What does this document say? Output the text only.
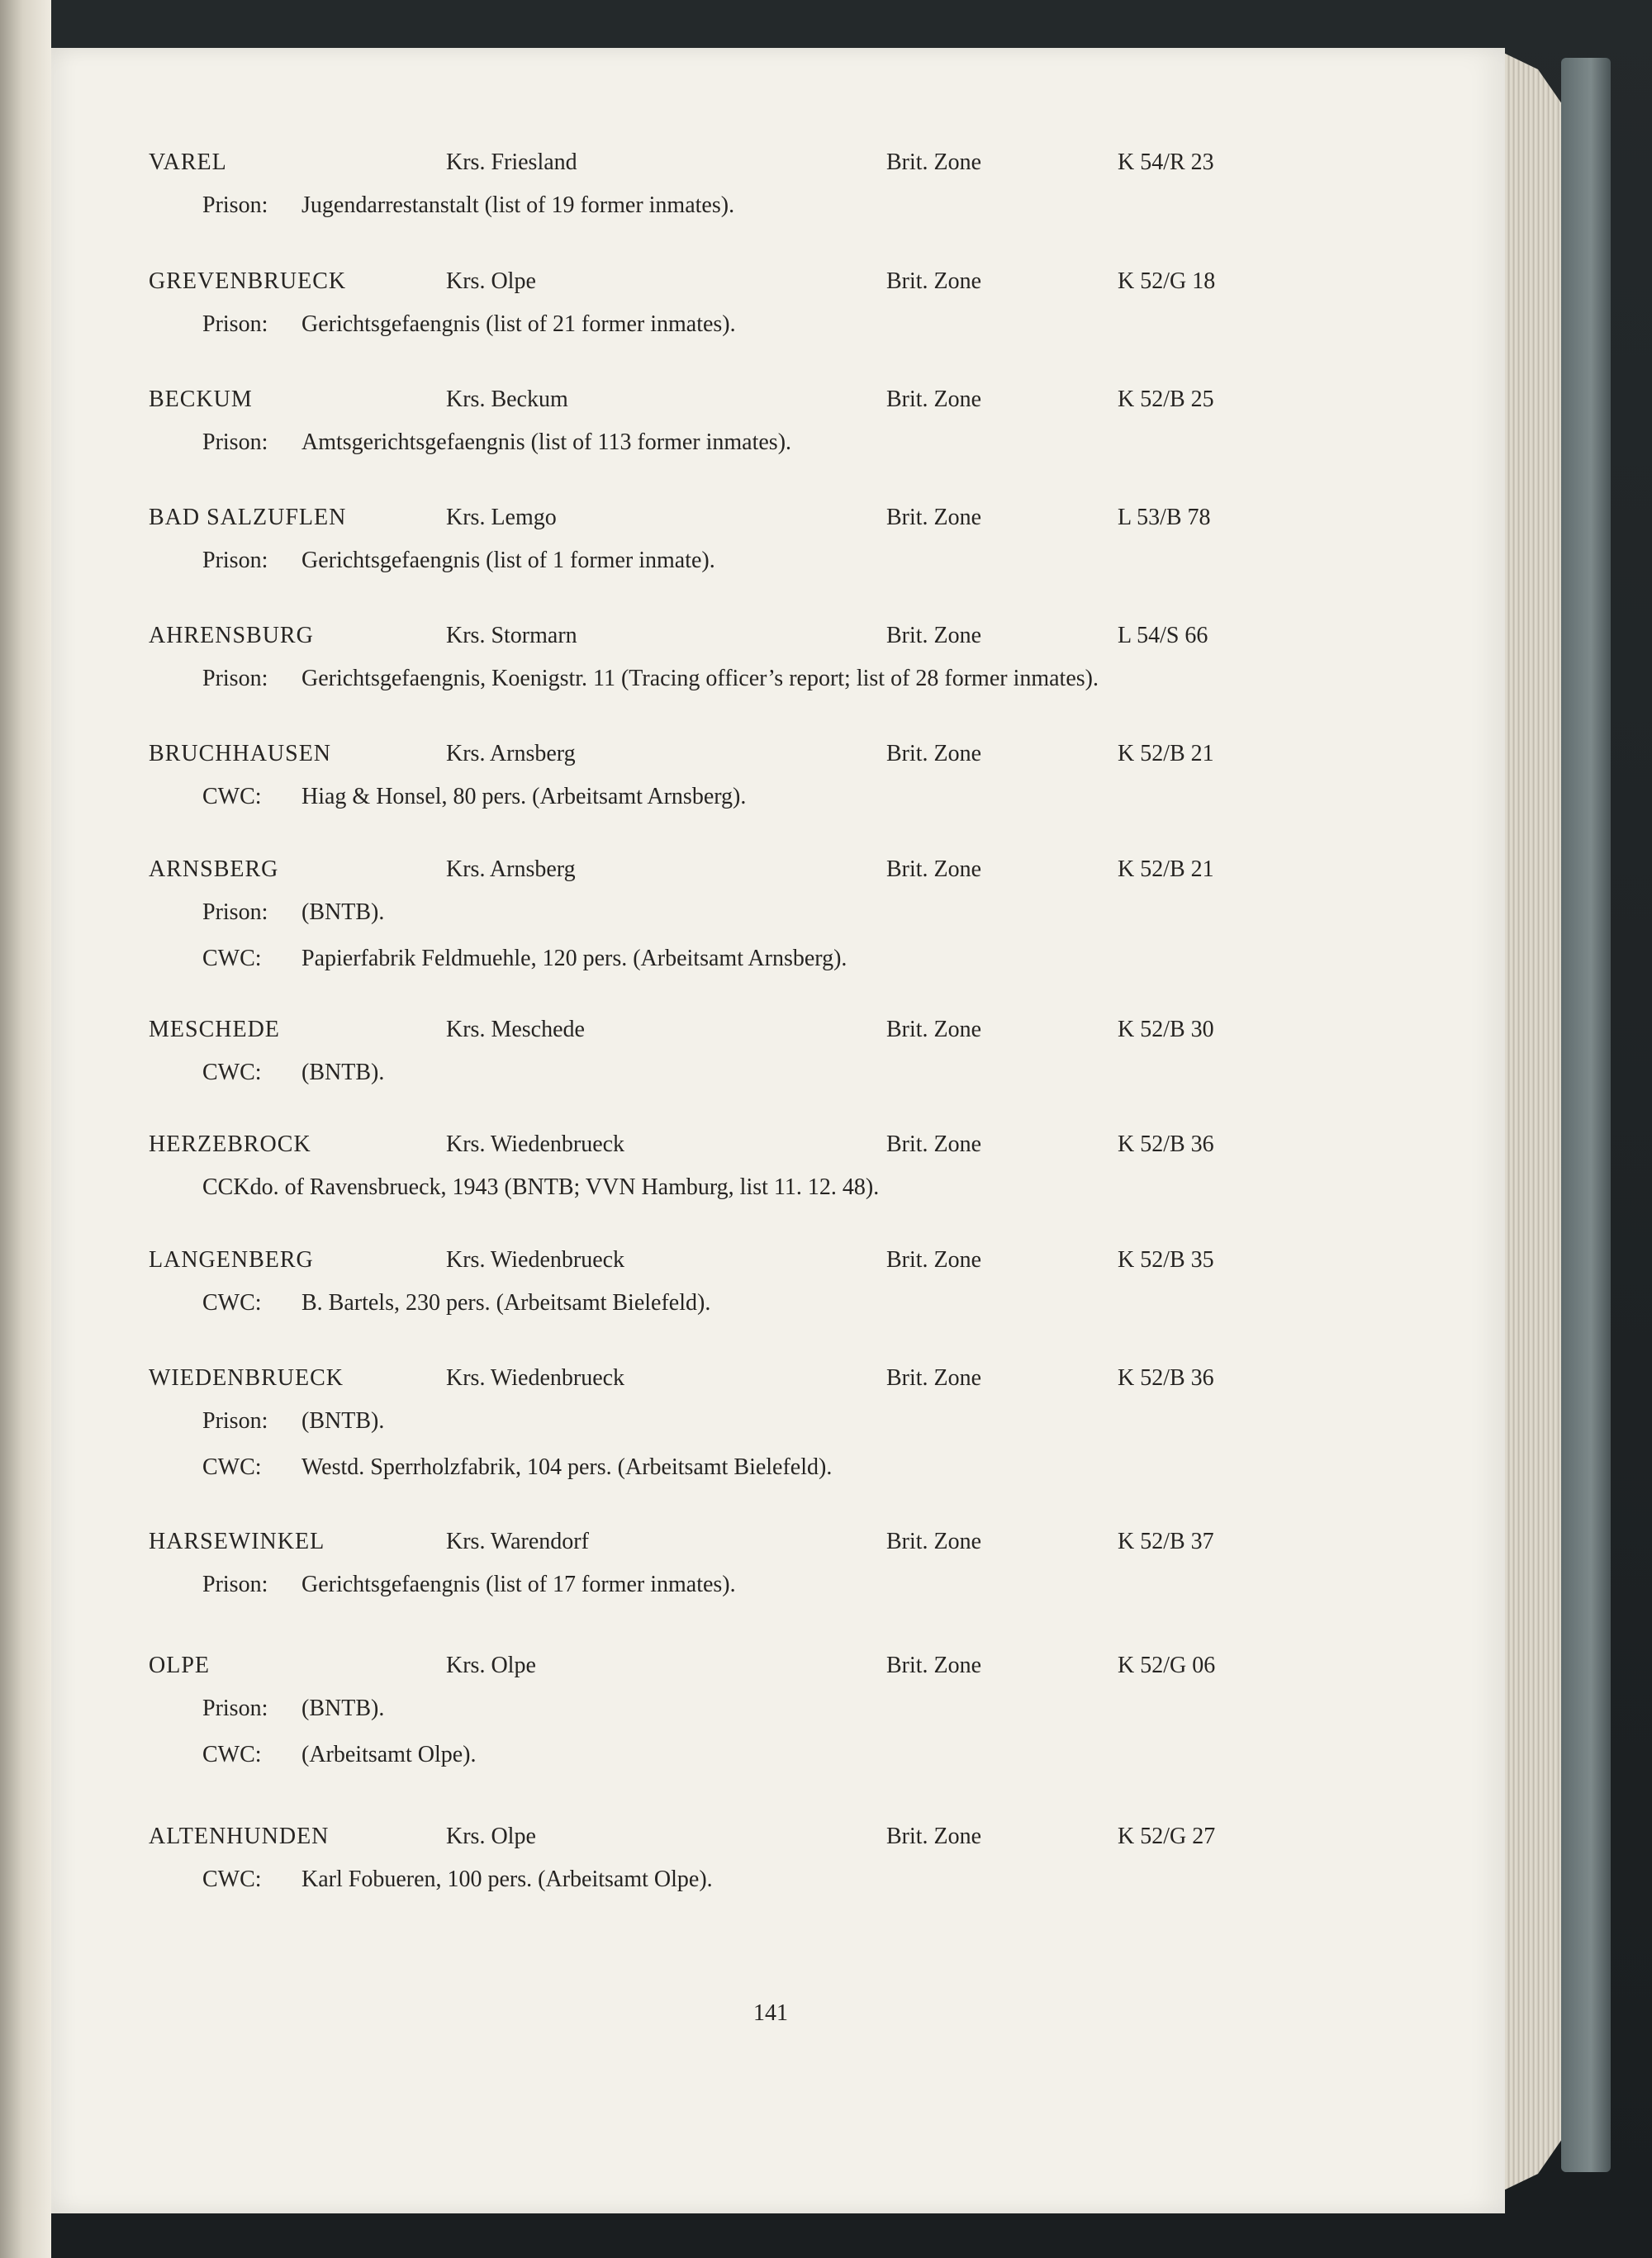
VAREL	Krs. Friesland	Brit. Zone	K 54/R 23
Prison: Jugendarrestanstalt (list of 19 former inmates).
GREVENBRUECK	Krs. Olpe	Brit. Zone	K 52/G 18
Prison: Gerichtsgefaengnis (list of 21 former inmates).
BECKUM	Krs. Beckum	Brit. Zone	K 52/B 25
Prison: Amtsgerichtsgefaengnis (list of 113 former inmates).
BAD SALZUFLEN	Krs. Lemgo	Brit. Zone	L 53/B 78
Prison: Gerichtsgefaengnis (list of 1 former inmate).
AHRENSBURG	Krs. Stormarn	Brit. Zone	L 54/S 66
Prison: Gerichtsgefaengnis, Koenigstr. 11 (Tracing officer’s report; list of 28 former inmates).
BRUCHHAUSEN	Krs. Arnsberg	Brit. Zone	K 52/B 21
CWC: Hiag & Honsel, 80 pers. (Arbeitsamt Arnsberg).
ARNSBERG	Krs. Arnsberg	Brit. Zone	K 52/B 21
Prison: (BNTB).
CWC: Papierfabrik Feldmuehle, 120 pers. (Arbeitsamt Arnsberg).
MESCHEDE	Krs. Meschede	Brit. Zone	K 52/B 30
CWC: (BNTB).
HERZEBROCK	Krs. Wiedenbrueck	Brit. Zone	K 52/B 36
CCKdo. of Ravensbrueck, 1943 (BNTB; VVN Hamburg, list 11. 12. 48).
LANGENBERG	Krs. Wiedenbrueck	Brit. Zone	K 52/B 35
CWC: B. Bartels, 230 pers. (Arbeitsamt Bielefeld).
WIEDENBRUECK	Krs. Wiedenbrueck	Brit. Zone	K 52/B 36
Prison: (BNTB).
CWC: Westd. Sperrholzfabrik, 104 pers. (Arbeitsamt Bielefeld).
HARSEWINKEL	Krs. Warendorf	Brit. Zone	K 52/B 37
Prison: Gerichtsgefaengnis (list of 17 former inmates).
OLPE	Krs. Olpe	Brit. Zone	K 52/G 06
Prison: (BNTB).
CWC: (Arbeitsamt Olpe).
ALTENHUNDEN	Krs. Olpe	Brit. Zone	K 52/G 27
CWC: Karl Fobueren, 100 pers. (Arbeitsamt Olpe).
141
